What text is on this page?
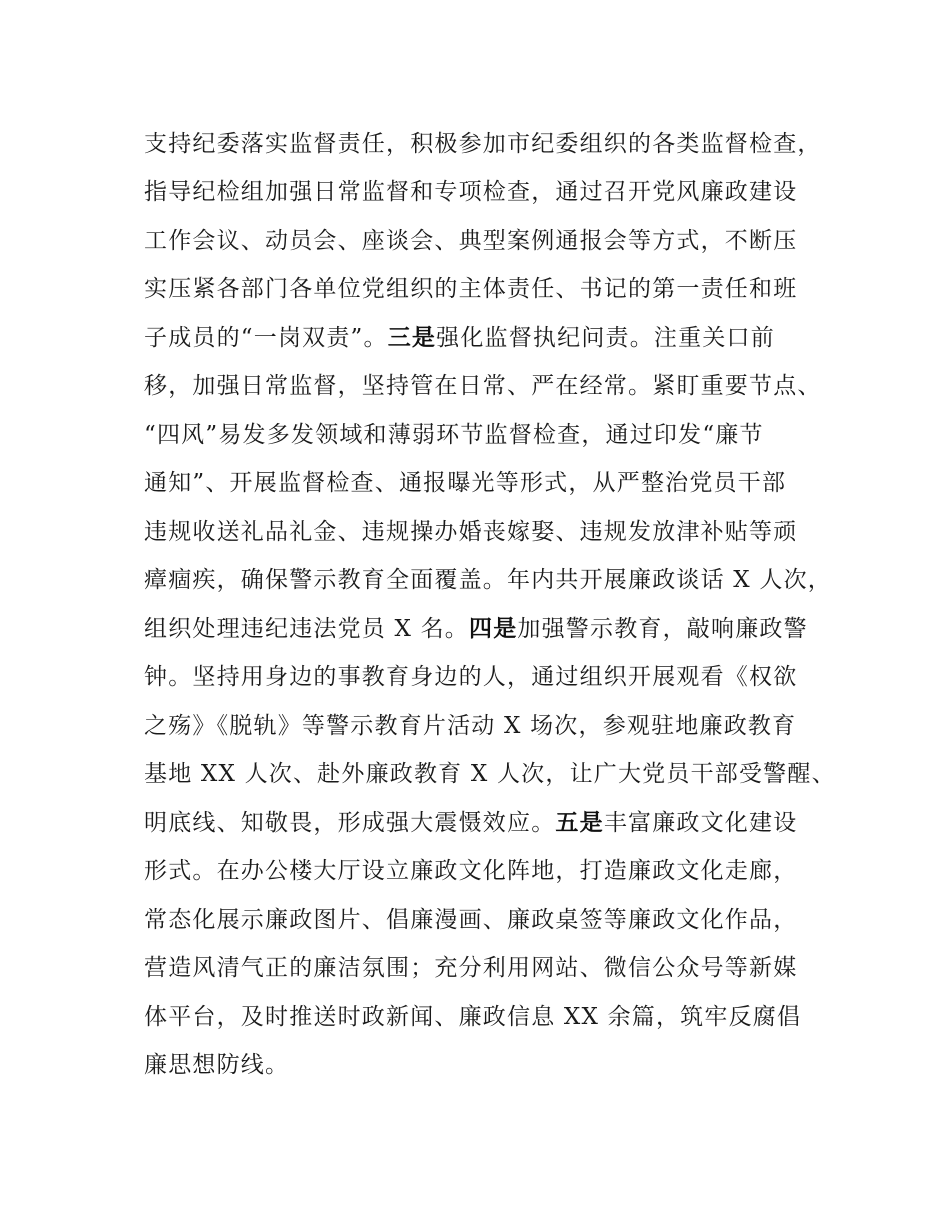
支持纪委落实监督责任，积极参加市纪委组织的各类监督检查，
指导纪检组加强日常监督和专项检查，通过召开党风廉政建设
工作会议、动员会、座谈会、典型案例通报会等方式，不断压
实压紧各部门各单位党组织的主体责任、书记的第一责任和班
子成员的“一岗双责”。三是强化监督执纪问责。注重关口前
移，加强日常监督，坚持管在日常、严在经常。紧盯重要节点、
“四风”易发多发领域和薄弱环节监督检查，通过印发“廉节
通知”、开展监督检查、通报曝光等形式，从严整治党员干部
违规收送礼品礼金、违规操办婚丧嫁娶、违规发放津补贴等顽
瘴痼疾，确保警示教育全面覆盖。年内共开展廉政谈话 X 人次，
组织处理违纪违法党员 X 名。四是加强警示教育，敲响廉政警
钟。坚持用身边的事教育身边的人，通过组织开展观看《权欲
之殇》《脱轨》等警示教育片活动 X 场次，参观驻地廉政教育
基地 XX 人次、赴外廉政教育 X 人次，让广大党员干部受警醒、
明底线、知敬畏，形成强大震慑效应。五是丰富廉政文化建设
形式。在办公楼大厅设立廉政文化阵地，打造廉政文化走廊，
常态化展示廉政图片、倡廉漫画、廉政桌签等廉政文化作品，
营造风清气正的廉洁氛围；充分利用网站、微信公众号等新媒
体平台，及时推送时政新闻、廉政信息 XX 余篇，筑牢反腐倡
廉思想防线。
